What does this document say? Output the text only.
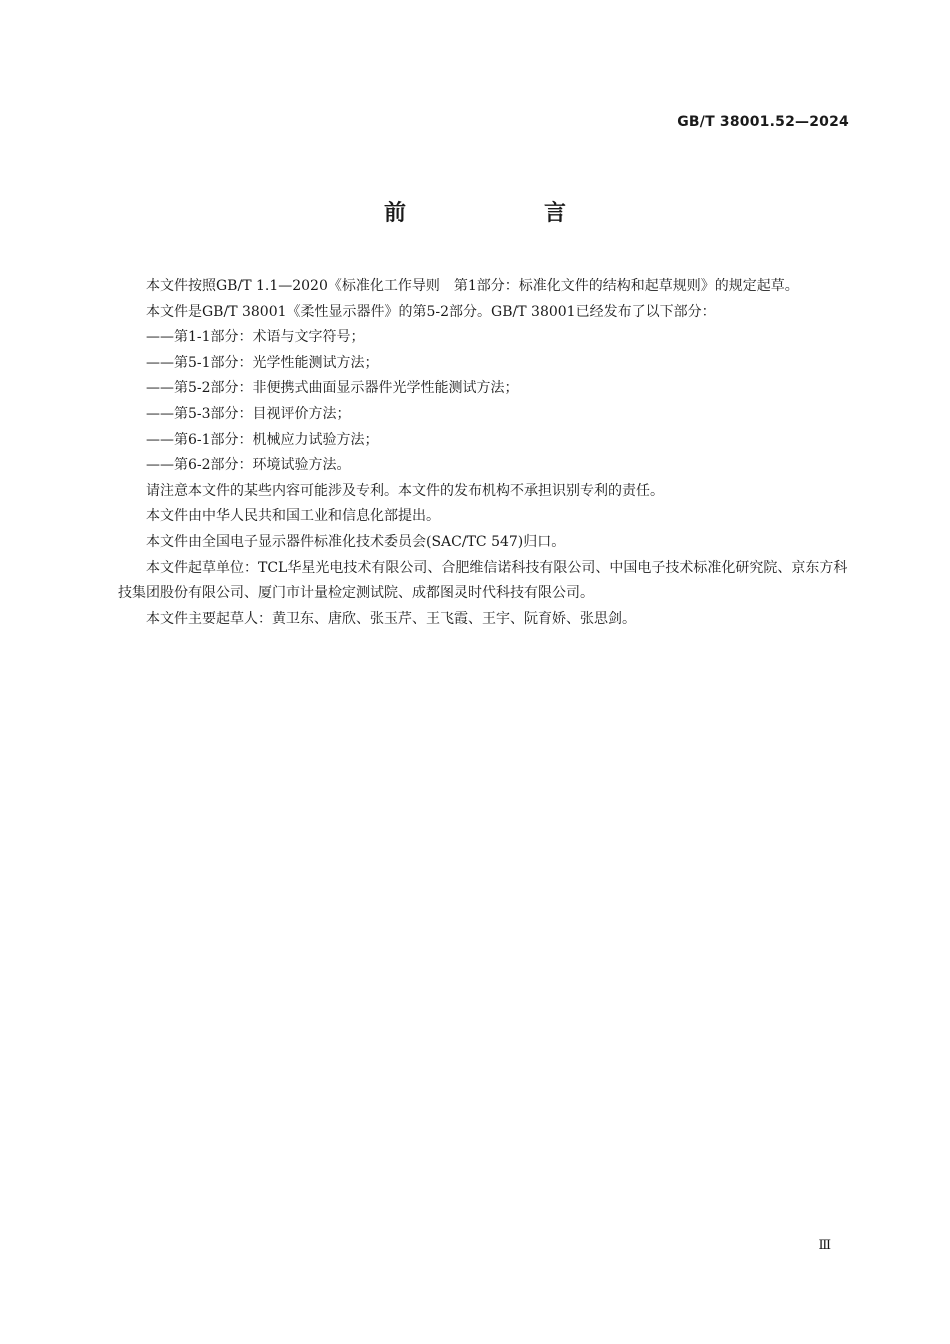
GB/T 38001.52—2024
前　言

本文件按照GB/T 1.1—2020《标准化工作导则　第1部分：标准化文件的结构和起草规则》的规定起草。

本文件是GB/T 38001《柔性显示器件》的第5-2部分。GB/T 38001已经发布了以下部分：

——第1-1部分：术语与文字符号；

——第5-1部分：光学性能测试方法；

——第5-2部分：非便携式曲面显示器件光学性能测试方法；

——第5-3部分：目视评价方法；

——第6-1部分：机械应力试验方法；

——第6-2部分：环境试验方法。

请注意本文件的某些内容可能涉及专利。本文件的发布机构不承担识别专利的责任。

本文件由中华人民共和国工业和信息化部提出。

本文件由全国电子显示器件标准化技术委员会(SAC/TC 547)归口。

本文件起草单位：TCL华星光电技术有限公司、合肥维信诺科技有限公司、中国电子技术标准化研究院、京东方科技集团股份有限公司、厦门市计量检定测试院、成都图灵时代科技有限公司。

本文件主要起草人：黄卫东、唐欣、张玉芹、王飞霞、王宇、阮育娇、张思剑。

Ⅲ
